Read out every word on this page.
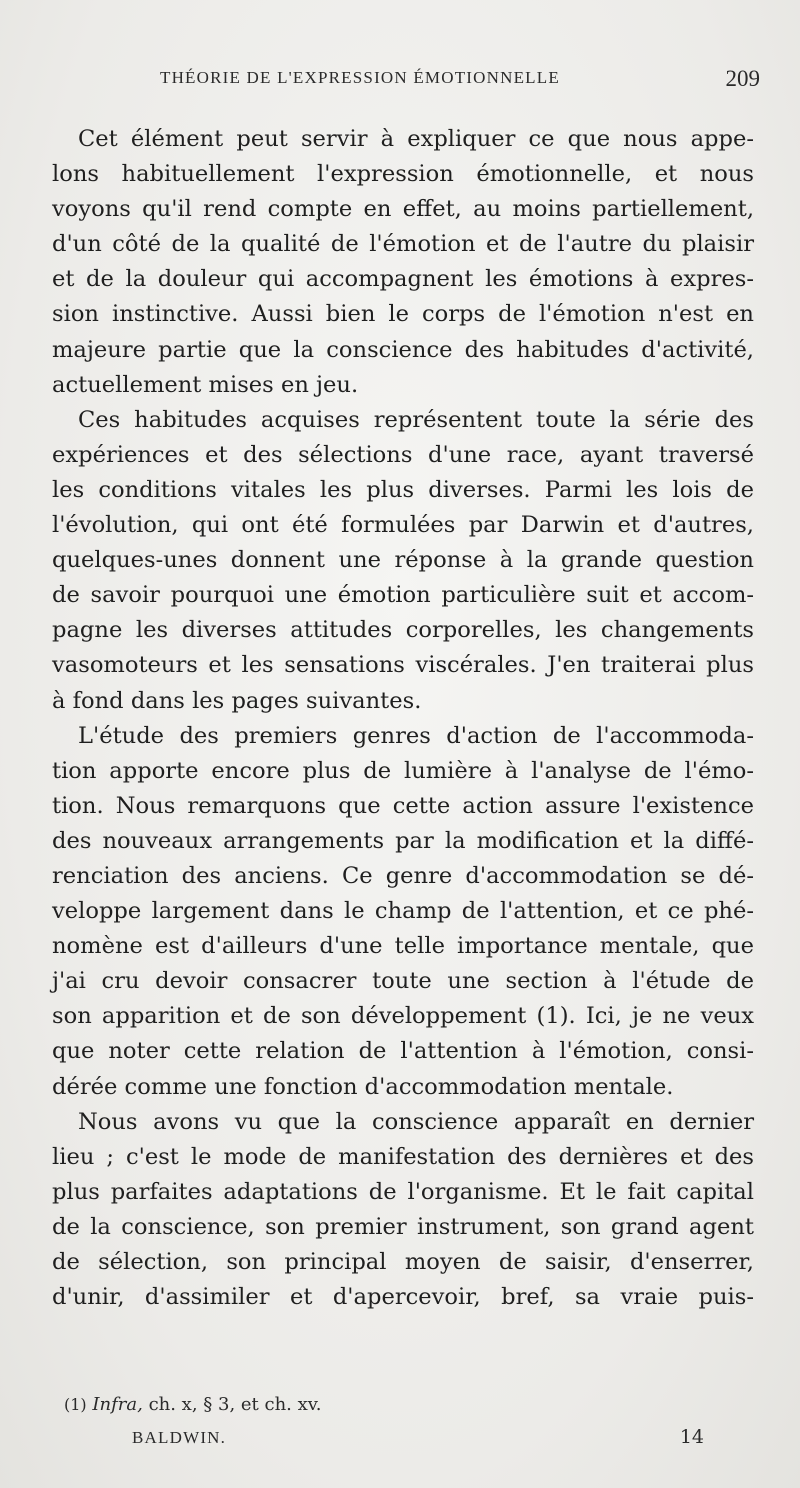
THÉORIE DE L'EXPRESSION ÉMOTIONNELLE	209
Cet élément peut servir à expliquer ce que nous appe-
lons habituellement l'expression émotionnelle, et nous
voyons qu'il rend compte en effet, au moins partiellement,
d'un côté de la qualité de l'émotion et de l'autre du plaisir
et de la douleur qui accompagnent les émotions à expres-
sion instinctive. Aussi bien le corps de l'émotion n'est en
majeure partie que la conscience des habitudes d'activité,
actuellement mises en jeu.
Ces habitudes acquises représentent toute la série des
expériences et des sélections d'une race, ayant traversé
les conditions vitales les plus diverses. Parmi les lois de
l'évolution, qui ont été formulées par Darwin et d'autres,
quelques-unes donnent une réponse à la grande question
de savoir pourquoi une émotion particulière suit et accom-
pagne les diverses attitudes corporelles, les changements
vasomoteurs et les sensations viscérales. J'en traiterai plus
à fond dans les pages suivantes.
L'étude des premiers genres d'action de l'accommoda-
tion apporte encore plus de lumière à l'analyse de l'émo-
tion. Nous remarquons que cette action assure l'existence
des nouveaux arrangements par la modification et la diffé-
renciation des anciens. Ce genre d'accommodation se dé-
veloppe largement dans le champ de l'attention, et ce phé-
nomène est d'ailleurs d'une telle importance mentale, que
j'ai cru devoir consacrer toute une section à l'étude de
son apparition et de son développement (1). Ici, je ne veux
que noter cette relation de l'attention à l'émotion, consi-
dérée comme une fonction d'accommodation mentale.
Nous avons vu que la conscience apparaît en dernier
lieu ; c'est le mode de manifestation des dernières et des
plus parfaites adaptations de l'organisme. Et le fait capital
de la conscience, son premier instrument, son grand agent
de sélection, son principal moyen de saisir, d'enserrer,
d'unir, d'assimiler et d'apercevoir, bref, sa vraie puis-
(1) Infra, ch. x, § 3, et ch. xv.
BALDWIN.	14
